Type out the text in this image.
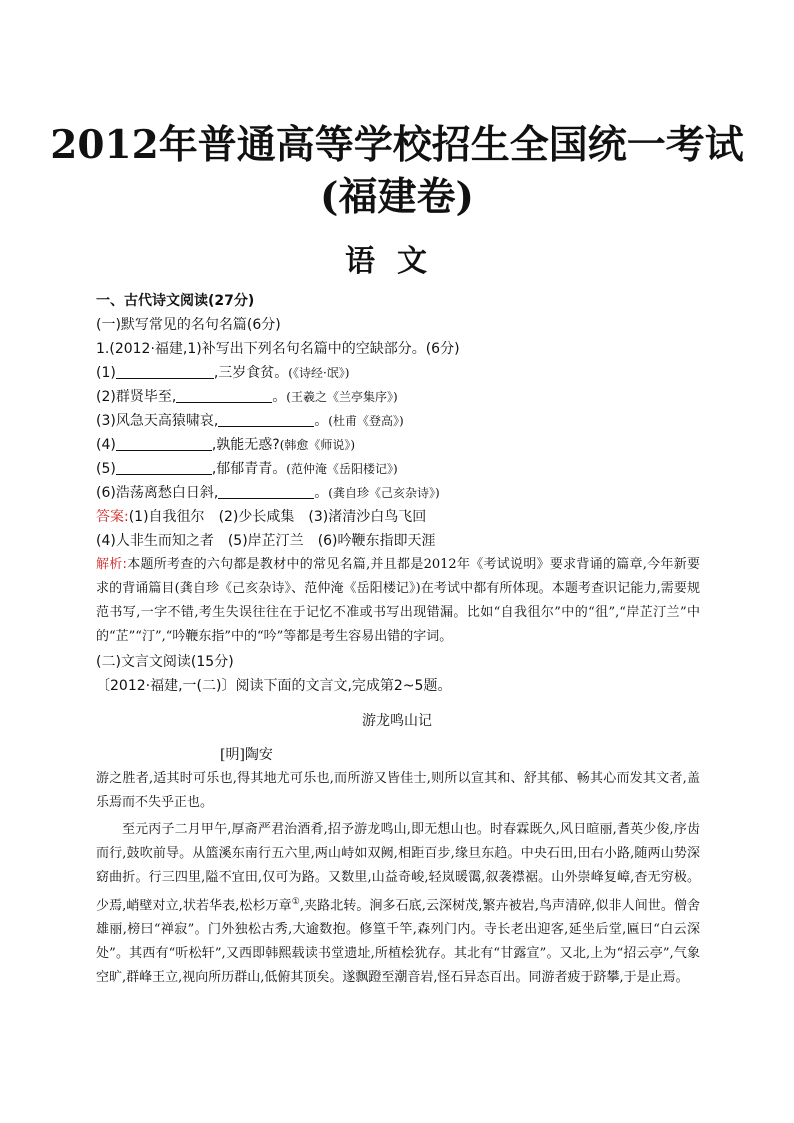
2012年普通高等学校招生全国统一考试
(福建卷)
语文
一、古代诗文阅读(27分)
(一)默写常见的名句名篇(6分)
1.(2012·福建,1)补写出下列名句名篇中的空缺部分。(6分)
(1)	,三岁食贫。(《诗经·氓》)
(2)群贤毕至,	。(王羲之《兰亭集序》)
(3)风急天高猿啸哀,	。(杜甫《登高》)
(4)	,孰能无惑?(韩愈《师说》)
(5)	,郁郁青青。(范仲淹《岳阳楼记》)
(6)浩荡离愁白日斜,	。(龚自珍《己亥杂诗》)
答案:(1)自我徂尔 (2)少长咸集 (3)渚清沙白鸟飞回
(4)人非生而知之者 (5)岸芷汀兰 (6)吟鞭东指即天涯
解析:本题所考查的六句都是教材中的常见名篇,并且都是2012年《考试说明》要求背诵的篇章,今年新要求的背诵篇目(龚自珍《己亥杂诗》、范仲淹《岳阳楼记》)在考试中都有所体现。本题考查识记能力,需要规范书写,一字不错,考生失误往往在于记忆不准或书写出现错漏。比如“自我徂尔”中的“徂”,“岸芷汀兰”中的“芷”“汀”,“吟鞭东指”中的“吟”等都是考生容易出错的字词。
(二)文言文阅读(15分)
〔2012·福建,一(二)〕阅读下面的文言文,完成第2~5题。
游龙鸣山记
[明]陶安
游之胜者,适其时可乐也,得其地尤可乐也,而所游又皆佳士,则所以宣其和、舒其郁、畅其心而发其文者,盖乐焉而不失乎正也。
至元丙子二月甲午,厚斋严君治酒肴,招予游龙鸣山,即无想山也。时春霖既久,风日暄丽,耆英少俊,序齿而行,鼓吹前导。从篮溪东南行五六里,两山峙如双阙,相距百步,缘旦东趋。中央石田,田右小路,随两山势深窈曲折。行三四里,隘不宜田,仅可为路。又数里,山益奇峻,轻岚暖霭,叙袭襟裾。山外崇峰复嶂,杳无穷极。少焉,峭壁对立,状若华表,松杉万章①,夹路北转。涧多石底,云深树茂,繁卉被岩,鸟声清碎,似非人间世。僧舍雄丽,榜曰“禅寂”。门外独松古秀,大逾数抱。修篁千竿,森列门内。寺长老出迎客,延坐后堂,匾曰“白云深处”。其西有“听松轩”,又西即韩熙载读书堂遗址,所植桧犹存。其北有“甘露宣”。又北,上为“招云亭”,气象空旷,群峰王立,视向所历群山,低俯其顶矣。遂飘蹬至潮音岩,怪石异态百出。同游者疲于跻攀,于是止焉。
